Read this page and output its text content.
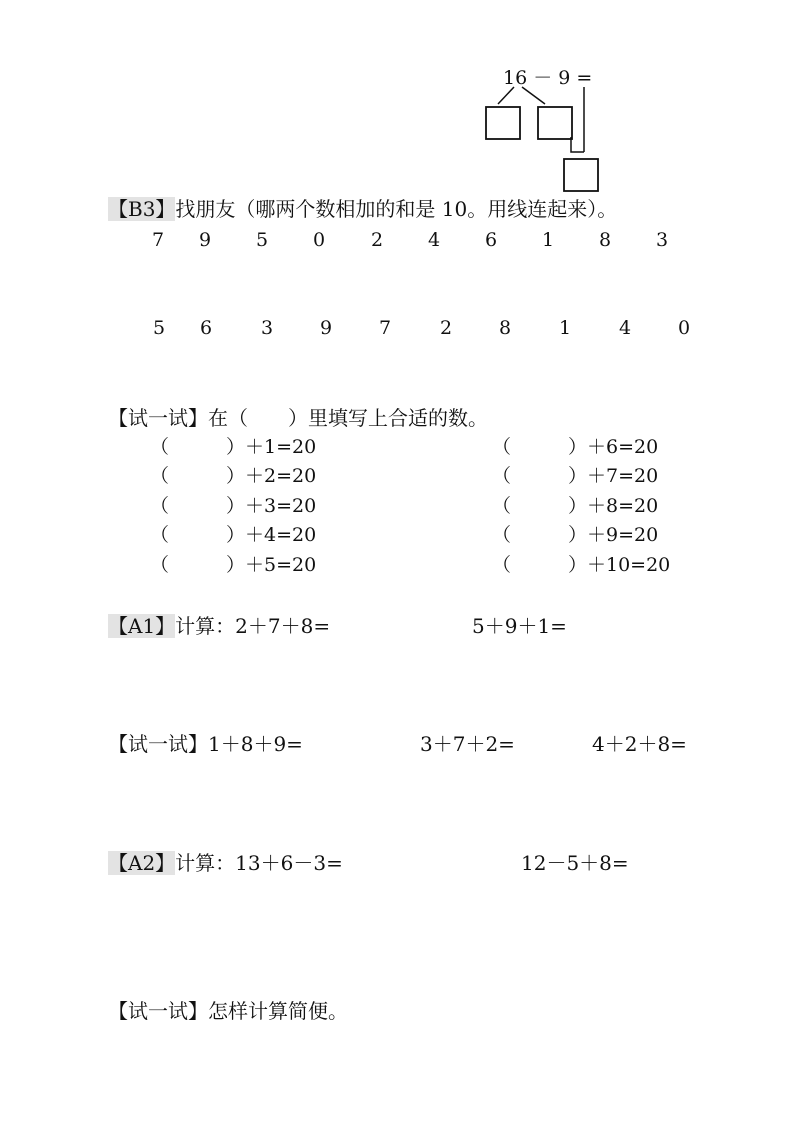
16 － 9 =
【B3】找朋友（哪两个数相加的和是 10。用线连起来）。
7 9 5 0 2 4 6 1 8 3
5 6	3 9 7	2 8	1	4 0
【试一试】在（　　）里填写上合适的数。
（　　　）＋1=20
（　　　）＋2=20
（　　　）＋3=20
（　　　）＋4=20
（　　　）＋5=20
（　　　）＋6=20
（　　　）＋7=20
（　　　）＋8=20
（　　　）＋9=20
（　　　）＋10=20
【A1】计算：2＋7＋8=	5＋9＋1=
【试一试】1＋8＋9=	3＋7＋2=	4＋2＋8=
【A2】计算：13＋6－3=	12－5＋8=
【试一试】怎样计算简便。
